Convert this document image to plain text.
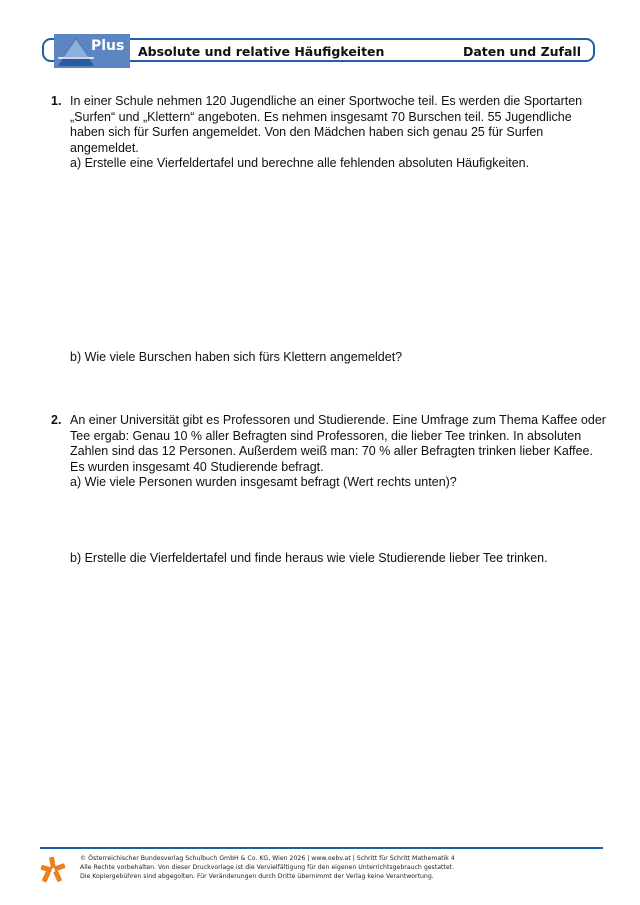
Plus Absolute und relative Häufigkeiten	Daten und Zufall
1. In einer Schule nehmen 120 Jugendliche an einer Sportwoche teil. Es werden die Sportarten
„Surfen“ und „Klettern“ angeboten. Es nehmen insgesamt 70 Burschen teil. 55 Jugendliche
haben sich für Surfen angemeldet. Von den Mädchen haben sich genau 25 für Surfen
angemeldet.
a) Erstelle eine Vierfeldertafel und berechne alle fehlenden absoluten Häufigkeiten.
b) Wie viele Burschen haben sich fürs Klettern angemeldet?
2. An einer Universität gibt es Professoren und Studierende. Eine Umfrage zum Thema Kaffee oder
Tee ergab: Genau 10 % aller Befragten sind Professoren, die lieber Tee trinken. In absoluten
Zahlen sind das 12 Personen. Außerdem weiß man: 70 % aller Befragten trinken lieber Kaffee.
Es wurden insgesamt 40 Studierende befragt.
a) Wie viele Personen wurden insgesamt befragt (Wert rechts unten)?
b) Erstelle die Vierfeldertafel und finde heraus wie viele Studierende lieber Tee trinken.
© Österreichischer Bundesverlag Schulbuch GmbH & Co. KG, Wien 2026 | www.oebv.at | Schritt für Schritt Mathematik 4
Alle Rechte vorbehalten. Von dieser Druckvorlage ist die Vervielfältigung für den eigenen Unterrichtsgebrauch gestattet.
Die Kopiergebühren sind abgegolten. Für Veränderungen durch Dritte übernimmt der Verlag keine Verantwortung.
